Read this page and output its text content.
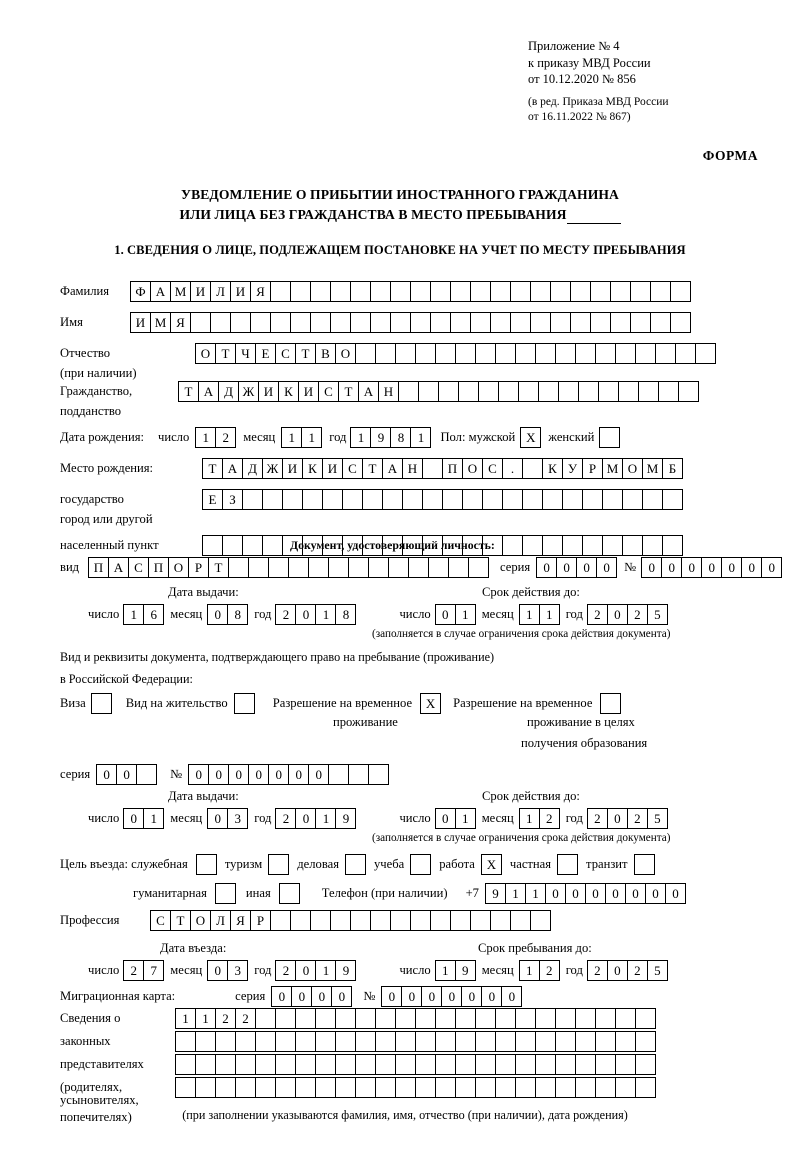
Приложение № 4
к приказу МВД России
от 10.12.2020 № 856
(в ред. Приказа МВД России
от 16.11.2022 № 867)
ФОРМА
УВЕДОМЛЕНИЕ О ПРИБЫТИИ ИНОСТРАННОГО ГРАЖДАНИНА
ИЛИ ЛИЦА БЕЗ ГРАЖДАНСТВА В МЕСТО ПРЕБЫВАНИЯ
1. СВЕДЕНИЯ О ЛИЦЕ, ПОДЛЕЖАЩЕМ ПОСТАНОВКЕ НА УЧЕТ ПО МЕСТУ ПРЕБЫВАНИЯ
Фамилия	Ф А М И Л И Я
Имя	И М Я
Отчество	О Т Ч Е С Т В О
(при наличии)
Гражданство,	Т А Д Ж И К И С Т А Н
подданство
Дата рождения: число	1	2	месяц	1	1	год 1	9	8	1	Пол: мужской X	женский
Место рождения:	Т А Д Ж И К И С Т А Н	П О С	.	К У Р М О М Б
государство	Е З
город или другой
населенный пункт	Документ, удостоверяющий личность:
вид	П А С П О Р Т	серия	0	0	0	0	№ 0	0	0	0	0	0	0
Дата выдачи:	Срок действия до:
число 1	6	месяц 0	8	год 2	0	1	8	число 0	1	месяц 1	1	год 2	0	2	5
(заполняется в случае ограничения срока действия документа)
Вид и реквизиты документа, подтверждающего право на пребывание (проживание)
в Российской Федерации:
Виза	Вид на жительство	Разрешение на временное	X	Разрешение на временное
проживание	проживание в целях
получения образования
серия	0	0	№	0	0	0	0	0	0	0
Дата выдачи:	Срок действия до:
число 0	1	месяц 0	3	год 2	0	1	9	число 0	1	месяц 1	2	год 2	0	2	5
(заполняется в случае ограничения срока действия документа)
Цель въезда: служебная	туризм	деловая	учеба	работа X	частная	транзит
гуманитарная	иная	Телефон (при наличии) +7	9	1	1	0	0	0	0	0	0	0
Профессия	С Т О Л Я Р
Дата въезда:	Срок пребывания до:
число 2	7	месяц 0	3	год 2	0	1	9	число 1	9	месяц 1	2	год 2	0	2	5
Миграционная карта:	серия	0	0	0	0	№	0	0	0	0	0	0	0
Сведения о	1	1	2	2
законных
представителях
(родителях,
усыновителях,
попечителях)	(при заполнении указываются фамилия, имя, отчество (при наличии), дата рождения)
